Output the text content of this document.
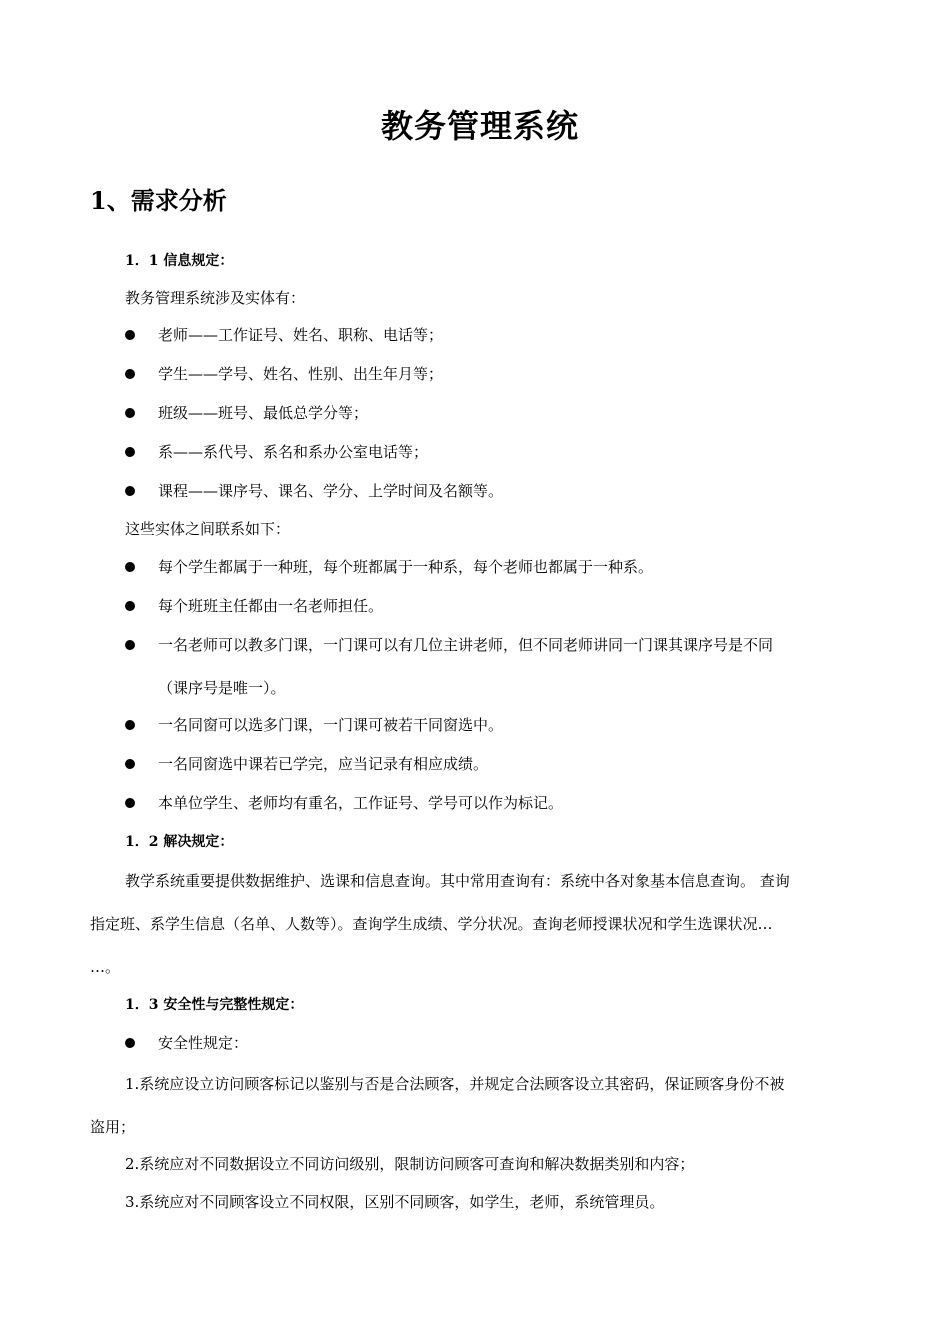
教务管理系统
1、需求分析
1．1 信息规定：
教务管理系统涉及实体有：
老师——工作证号、姓名、职称、电话等；
学生——学号、姓名、性别、出生年月等；
班级——班号、最低总学分等；
系——系代号、系名和系办公室电话等；
课程——课序号、课名、学分、上学时间及名额等。
这些实体之间联系如下：
每个学生都属于一种班，每个班都属于一种系，每个老师也都属于一种系。
每个班班主任都由一名老师担任。
一名老师可以教多门课，一门课可以有几位主讲老师，但不同老师讲同一门课其课序号是不同
（课序号是唯一）。
一名同窗可以选多门课，一门课可被若干同窗选中。
一名同窗选中课若已学完，应当记录有相应成绩。
本单位学生、老师均有重名，工作证号、学号可以作为标记。
1．2 解决规定：
教学系统重要提供数据维护、选课和信息查询。其中常用查询有：系统中各对象基本信息查询。 查询
指定班、系学生信息（名单、人数等）。查询学生成绩、学分状况。查询老师授课状况和学生选课状况…
…。
1．3 安全性与完整性规定：
安全性规定：
1.系统应设立访问顾客标记以鉴别与否是合法顾客，并规定合法顾客设立其密码，保证顾客身份不被
盗用；
2.系统应对不同数据设立不同访问级别，限制访问顾客可查询和解决数据类别和内容；
3.系统应对不同顾客设立不同权限，区别不同顾客，如学生，老师，系统管理员。
